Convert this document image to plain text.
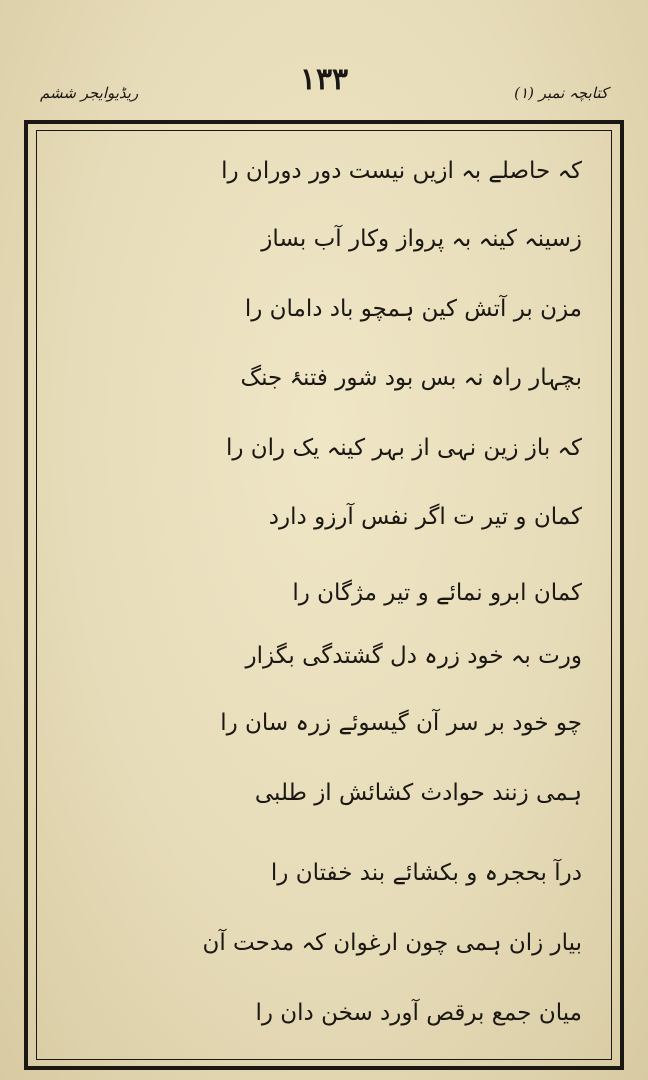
ریڈیوایجر ششم	۱۳۳	کتابچہ نمبر (۱)
کہ حاصلے بہ ازیں نیست دور دوران را
زسینہ کینہ بہ پرواز وکار آب بساز
مزن بر آتش کین ہمچو باد دامان را
بچہار راہ نہ بس بود شور فتنۂ جنگ
کہ باز زین نہی از بہر کینہ یک ران را
کمان و تیر ت اگر نفس آرزو دارد
کمان ابرو نمائے و تیر مژگان را
ورت بہ خود زرہ دل گشتدگی بگزار
چو خود بر سر آن گیسوئے زرہ سان را
ہمی زنند حوادث کشائش از طلبی
درآ بحجرہ و بکشائے بند خفتان را
بیار زان ہمی چون ارغوان کہ مدحت آن
میان جمع برقص آورد سخن دان را
